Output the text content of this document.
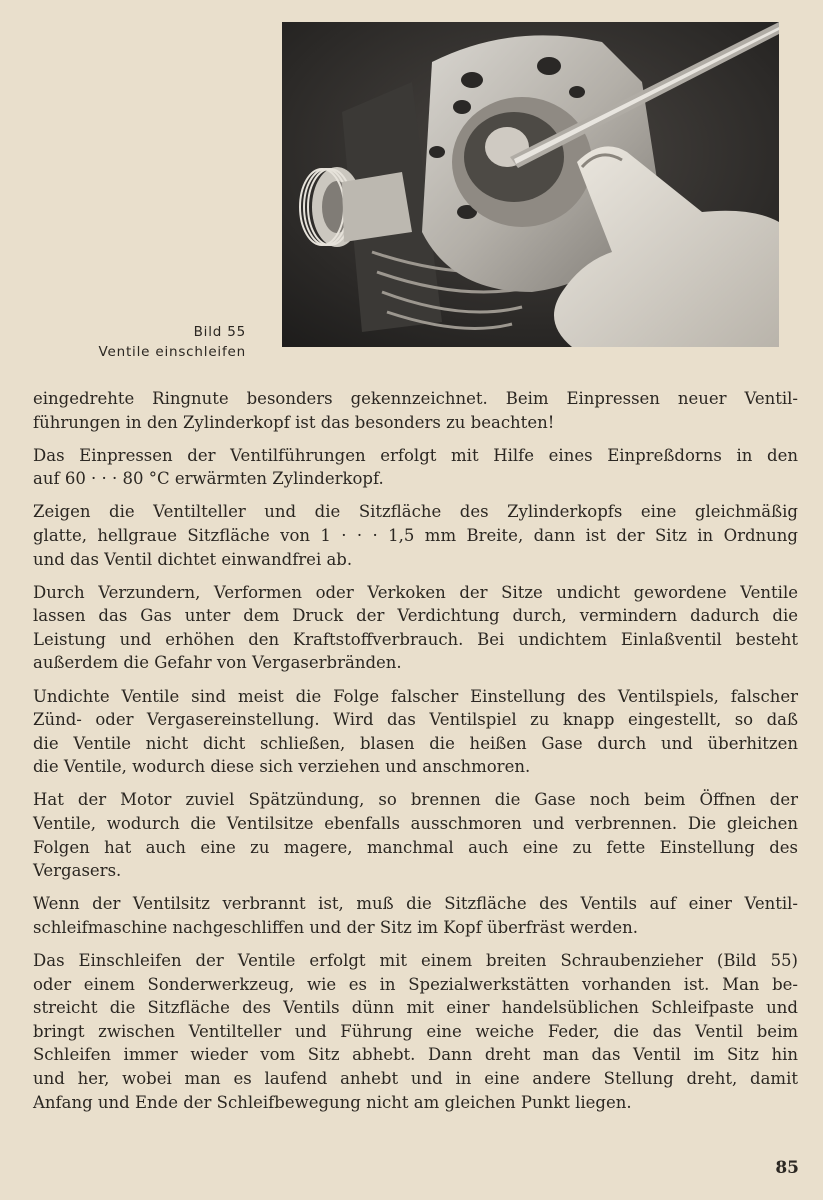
Bild 55
Ventile einschleifen

eingedrehte Ringnute besonders gekennzeichnet. Beim Einpressen neuer Ventil-

führungen in den Zylinderkopf ist das besonders zu beachten!

Das Einpressen der Ventilführungen erfolgt mit Hilfe eines Einpreßdorns in den

auf 60 · · · 80 °C erwärmten Zylinderkopf.

Zeigen die Ventilteller und die Sitzfläche des Zylinderkopfs eine gleichmäßig

glatte, hellgraue Sitzfläche von 1 · · · 1,5 mm Breite, dann ist der Sitz in Ordnung

und das Ventil dichtet einwandfrei ab.

Durch Verzundern, Verformen oder Verkoken der Sitze undicht gewordene Ventile

lassen das Gas unter dem Druck der Verdichtung durch, vermindern dadurch die

Leistung und erhöhen den Kraftstoffverbrauch. Bei undichtem Einlaßventil besteht

außerdem die Gefahr von Vergaserbränden.

Undichte Ventile sind meist die Folge falscher Einstellung des Ventilspiels, falscher

Zünd- oder Vergasereinstellung. Wird das Ventilspiel zu knapp eingestellt, so daß

die Ventile nicht dicht schließen, blasen die heißen Gase durch und überhitzen

die Ventile, wodurch diese sich verziehen und anschmoren.

Hat der Motor zuviel Spätzündung, so brennen die Gase noch beim Öffnen der

Ventile, wodurch die Ventilsitze ebenfalls ausschmoren und verbrennen. Die gleichen

Folgen hat auch eine zu magere, manchmal auch eine zu fette Einstellung des

Vergasers.

Wenn der Ventilsitz verbrannt ist, muß die Sitzfläche des Ventils auf einer Ventil-

schleifmaschine nachgeschliffen und der Sitz im Kopf überfräst werden.

Das Einschleifen der Ventile erfolgt mit einem breiten Schraubenzieher (Bild 55)

oder einem Sonderwerkzeug, wie es in Spezialwerkstätten vorhanden ist. Man be-

streicht die Sitzfläche des Ventils dünn mit einer handelsüblichen Schleifpaste und

bringt zwischen Ventilteller und Führung eine weiche Feder, die das Ventil beim

Schleifen immer wieder vom Sitz abhebt. Dann dreht man das Ventil im Sitz hin

und her, wobei man es laufend anhebt und in eine andere Stellung dreht, damit

Anfang und Ende der Schleifbewegung nicht am gleichen Punkt liegen.

85
